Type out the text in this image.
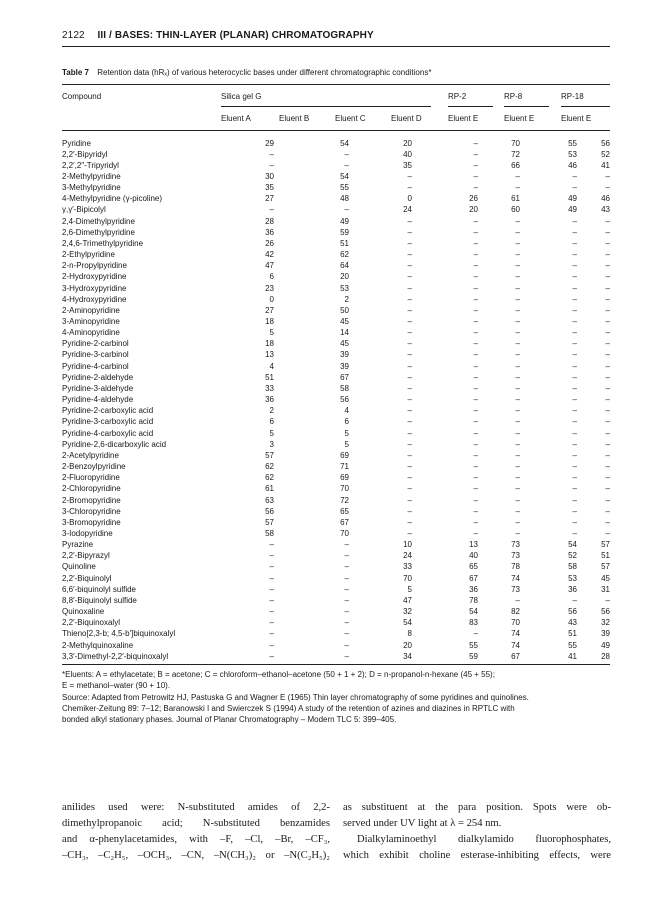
2122 III / BASES: THIN-LAYER (PLANAR) CHROMATOGRAPHY
Table 7 Retention data (hRₓ) of various heterocyclic bases under different chromatographic conditions*
Compound	Silica gel G	RP-2	RP-8	RP-18
Eluent A	Eluent B	Eluent C	Eluent D	Eluent E	Eluent E	Eluent E
Pyridine	29	54	20	–	70	55	56
2,2′-Bipyridyl	–	–	40	–	72	53	52
2,2′,2″-Tripyridyl	–	–	35	–	66	46	41
2-Methylpyridine	30	54	–	–	–	–	–
3-Methylpyridine	35	55	–	–	–	–	–
4-Methylpyridine (γ-picoline)	27	48	0	26	61	49	46
γ,γ′-Bipicolyl	–	–	24	20	60	49	43
2,4-Dimethylpyridine	28	49	–	–	–	–	–
2,6-Dimethylpyridine	36	59	–	–	–	–	–
2,4,6-Trimethylpyridine	26	51	–	–	–	–	–
2-Ethylpyridine	42	62	–	–	–	–	–
2-n-Propylpyridine	47	64	–	–	–	–	–
2-Hydroxypyridine	6	20	–	–	–	–	–
3-Hydroxypyridine	23	53	–	–	–	–	–
4-Hydroxypyridine	0	2	–	–	–	–	–
2-Aminopyridine	27	50	–	–	–	–	–
3-Aminopyridine	18	45	–	–	–	–	–
4-Aminopyridine	5	14	–	–	–	–	–
Pyridine-2-carbinol	18	45	–	–	–	–	–
Pyridine-3-carbinol	13	39	–	–	–	–	–
Pyridine-4-carbinol	4	39	–	–	–	–	–
Pyridine-2-aldehyde	51	67	–	–	–	–	–
Pyridine-3-aldehyde	33	58	–	–	–	–	–
Pyridine-4-aldehyde	36	56	–	–	–	–	–
Pyridine-2-carboxylic acid	2	4	–	–	–	–	–
Pyridine-3-carboxylic acid	6	6	–	–	–	–	–
Pyridine-4-carboxylic acid	5	5	–	–	–	–	–
Pyridine-2,6-dicarboxylic acid	3	5	–	–	–	–	–
2-Acetylpyridine	57	69	–	–	–	–	–
2-Benzoylpyridine	62	71	–	–	–	–	–
2-Fluoropyridine	62	69	–	–	–	–	–
2-Chloropyridine	61	70	–	–	–	–	–
2-Bromopyridine	63	72	–	–	–	–	–
3-Chloropyridine	56	65	–	–	–	–	–
3-Bromopyridine	57	67	–	–	–	–	–
3-Iodopyridine	58	70	–	–	–	–	–
Pyrazine	–	–	10	13	73	54	57
2,2′-Bipyrazyl	–	–	24	40	73	52	51
Quinoline	–	–	33	65	78	58	57
2,2′-Biquinolyl	–	–	70	67	74	53	45
6,6′-biquinolyl sulfide	–	–	5	36	73	36	31
8,8′-Biquinolyl sulfide	–	–	47	78	–	–	–
Quinoxaline	–	–	32	54	82	56	56
2,2′-Biquinoxalyl	–	–	54	83	70	43	32
Thieno[2,3-b; 4,5-b′]biquinoxalyl	–	–	8	–	74	51	39
2-Methylquinoxaline	–	–	20	55	74	55	49
3,3′-Dimethyl-2,2′-biquinoxalyl	–	–	34	59	67	41	28
*Eluents: A = ethylacetate; B = acetone; C = chloroform–ethanol–acetone (50 + 1 + 2); D = n-propanol-n-hexane (45 + 55);
E = methanol–water (90 + 10).
Source: Adapted from Petrowitz HJ, Pastuska G and Wagner E (1965) Thin layer chromatography of some pyridines and quinolines.
Chemiker-Zeitung 89: 7–12; Baranowski I and Swierczek S (1994) A study of the retention of azines and diazines in RPTLC with
bonded alkyl stationary phases. Journal of Planar Chromatography – Modern TLC 5: 399–405.
anilides used were: N-substituted amides of 2,2-
dimethylpropanoic acid; N-substituted benzamides
and α-phenylacetamides, with –F, –Cl, –Br, –CF₃,
–CH₃, –C₂H₅, –OCH₃, –CN, –N(CH₃)₂ or –N(C₂H₅)₂
as substituent at the para position. Spots were ob-
served under UV light at λ = 254 nm.
Dialkylaminoethyl dialkylamido fluorophosphates,
which exhibit choline esterase-inhibiting effects, were
